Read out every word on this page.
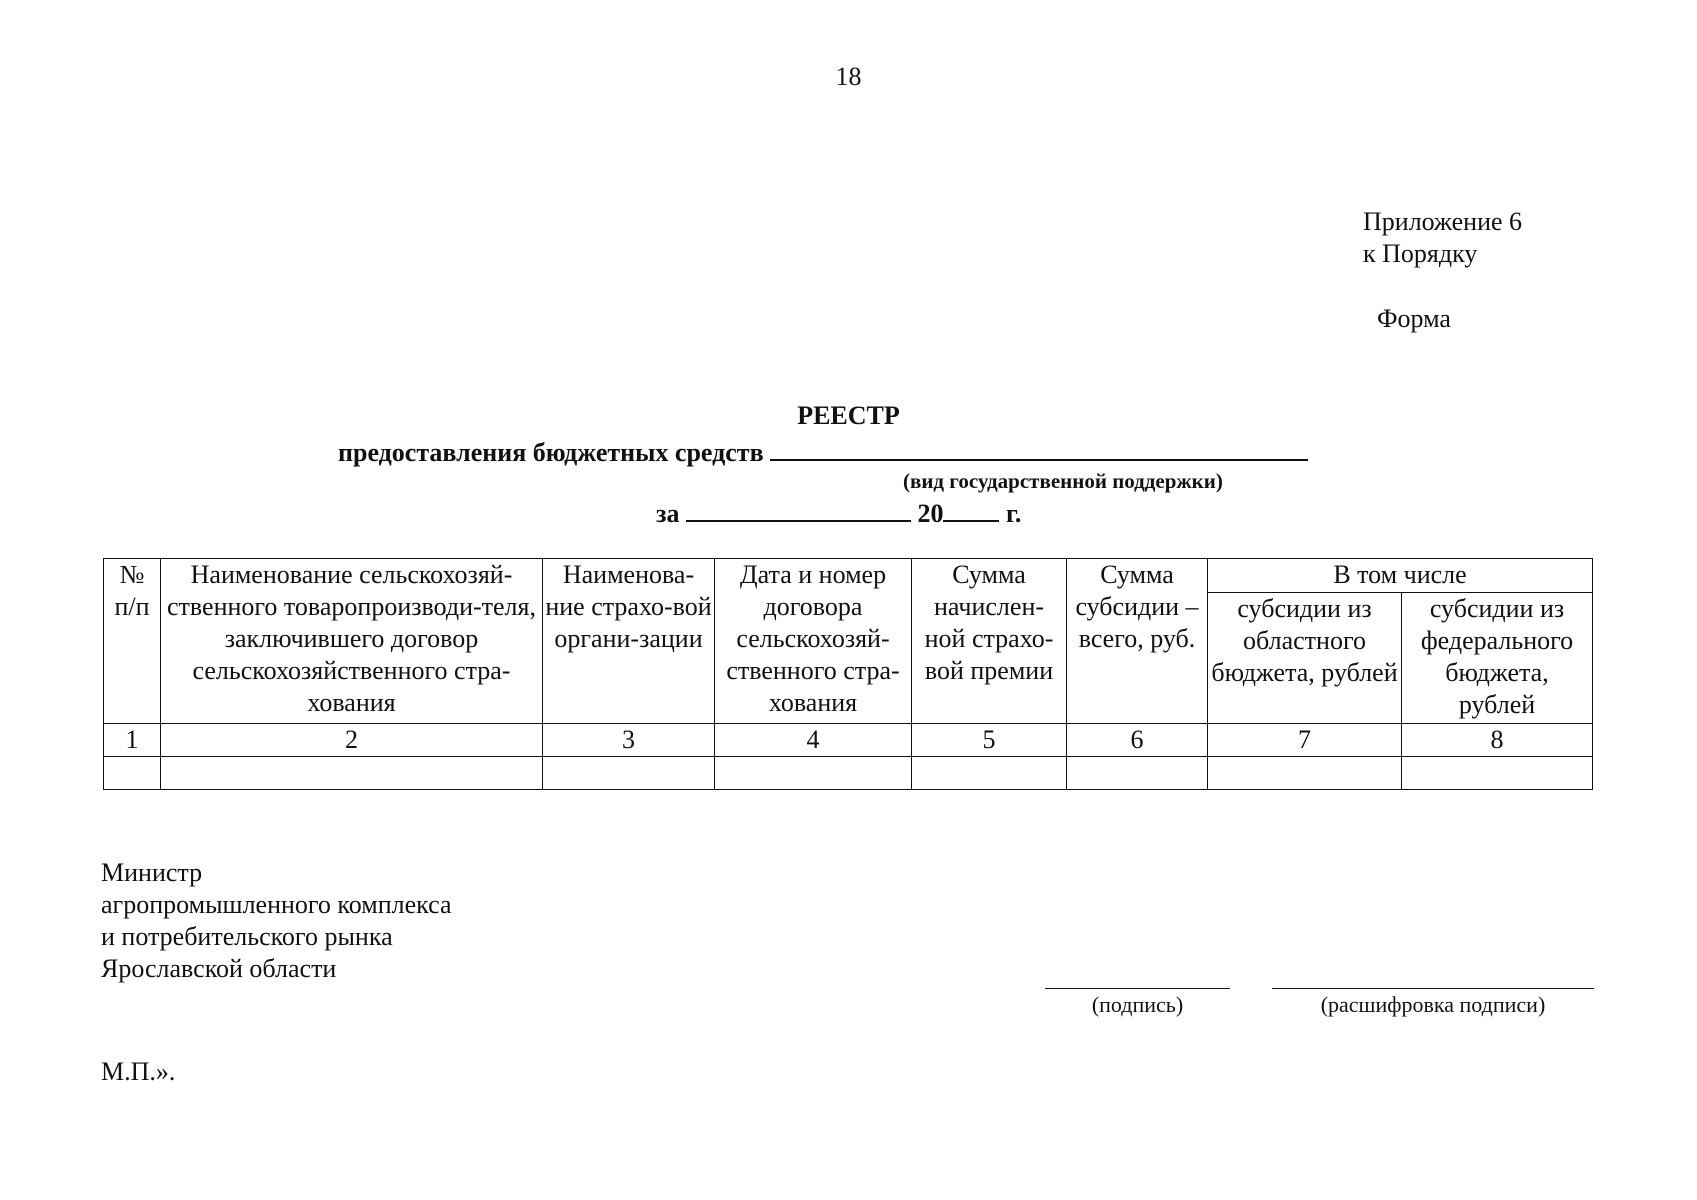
18
Приложение 6
к Порядку
Форма
РЕЕСТР
предоставления бюджетных средств
(вид государственной поддержки)
за	20 г.
№ п/п	Наименование сельскохозяй-ственного товаропроизводи-теля, заключившего договор сельскохозяйственного стра-хования	Наименова-ние страхо-вой органи-зации	Дата и номер договора сельскохозяй-ственного стра-хования	Сумма начислен-ной страхо-вой премии	Сумма субсидии – всего, руб.	В том числе	
						субсидии из областного бюджета, рублей	субсидии из федерального бюджета, рублей
1	2	3	4	5	6	7	8

Министр
агропромышленного комплекса
и потребительского рынка
Ярославской области
(подпись)	(расшифровка подписи)
М.П.».
